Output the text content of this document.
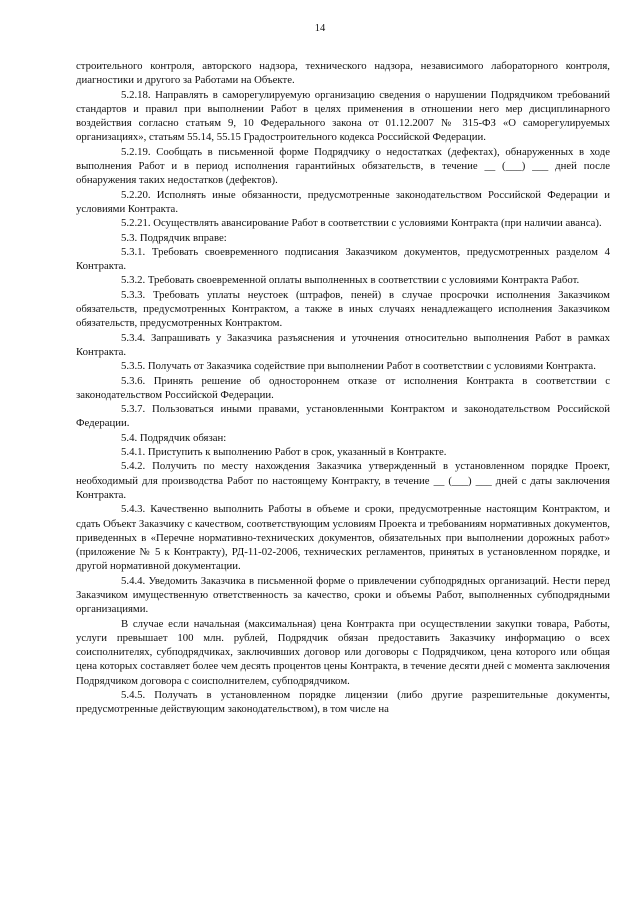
14

строительного контроля, авторского надзора, технического надзора, независимого лабораторного контроля, диагностики и другого за Работами на Объекте.

5.2.18. Направлять в саморегулируемую организацию сведения о нарушении Подрядчиком требований стандартов и правил при выполнении Работ в целях применения в отношении него мер дисциплинарного воздействия согласно статьям 9, 10 Федерального закона от 01.12.2007 № 315-ФЗ «О саморегулируемых организациях», статьям 55.14, 55.15 Градостроительного кодекса Российской Федерации.

5.2.19. Сообщать в письменной форме Подрядчику о недостатках (дефектах), обнаруженных в ходе выполнения Работ и в период исполнения гарантийных обязательств, в течение __ (___) ___ дней после обнаружения таких недостатков (дефектов).

5.2.20. Исполнять иные обязанности, предусмотренные законодательством Российской Федерации и условиями Контракта.

5.2.21. Осуществлять авансирование Работ в соответствии с условиями Контракта (при наличии аванса).

5.3. Подрядчик вправе:

5.3.1. Требовать своевременного подписания Заказчиком документов, предусмотренных разделом 4 Контракта.

5.3.2. Требовать своевременной оплаты выполненных в соответствии с условиями Контракта Работ.

5.3.3. Требовать уплаты неустоек (штрафов, пеней) в случае просрочки исполнения Заказчиком обязательств, предусмотренных Контрактом, а также в иных случаях ненадлежащего исполнения Заказчиком обязательств, предусмотренных Контрактом.

5.3.4. Запрашивать у Заказчика разъяснения и уточнения относительно выполнения Работ в рамках Контракта.

5.3.5. Получать от Заказчика содействие при выполнении Работ в соответствии с условиями Контракта.

5.3.6. Принять решение об одностороннем отказе от исполнения Контракта в соответствии с законодательством Российской Федерации.

5.3.7. Пользоваться иными правами, установленными Контрактом и законодательством Российской Федерации.

5.4. Подрядчик обязан:

5.4.1. Приступить к выполнению Работ в срок, указанный в Контракте.

5.4.2. Получить по месту нахождения Заказчика утвержденный в установленном порядке Проект, необходимый для производства Работ по настоящему Контракту, в течение __ (___) ___ дней с даты заключения Контракта.

5.4.3. Качественно выполнить Работы в объеме и сроки, предусмотренные настоящим Контрактом, и сдать Объект Заказчику с качеством, соответствующим условиям Проекта и требованиям нормативных документов, приведенных в «Перечне нормативно-технических документов, обязательных при выполнении дорожных работ» (приложение № 5 к Контракту), РД-11-02-2006, технических регламентов, принятых в установленном порядке, и другой нормативной документации.

5.4.4. Уведомить Заказчика в письменной форме о привлечении субподрядных организаций. Нести перед Заказчиком имущественную ответственность за качество, сроки и объемы Работ, выполненных субподрядными организациями.

В случае если начальная (максимальная) цена Контракта при осуществлении закупки товара, Работы, услуги превышает 100 млн. рублей, Подрядчик обязан предоставить Заказчику информацию о всех соисполнителях, субподрядчиках, заключивших договор или договоры с Подрядчиком, цена которого или общая цена которых составляет более чем десять процентов цены Контракта, в течение десяти дней с момента заключения Подрядчиком договора с соисполнителем, субподрядчиком.

5.4.5. Получать в установленном порядке лицензии (либо другие разрешительные документы, предусмотренные действующим законодательством), в том числе на
